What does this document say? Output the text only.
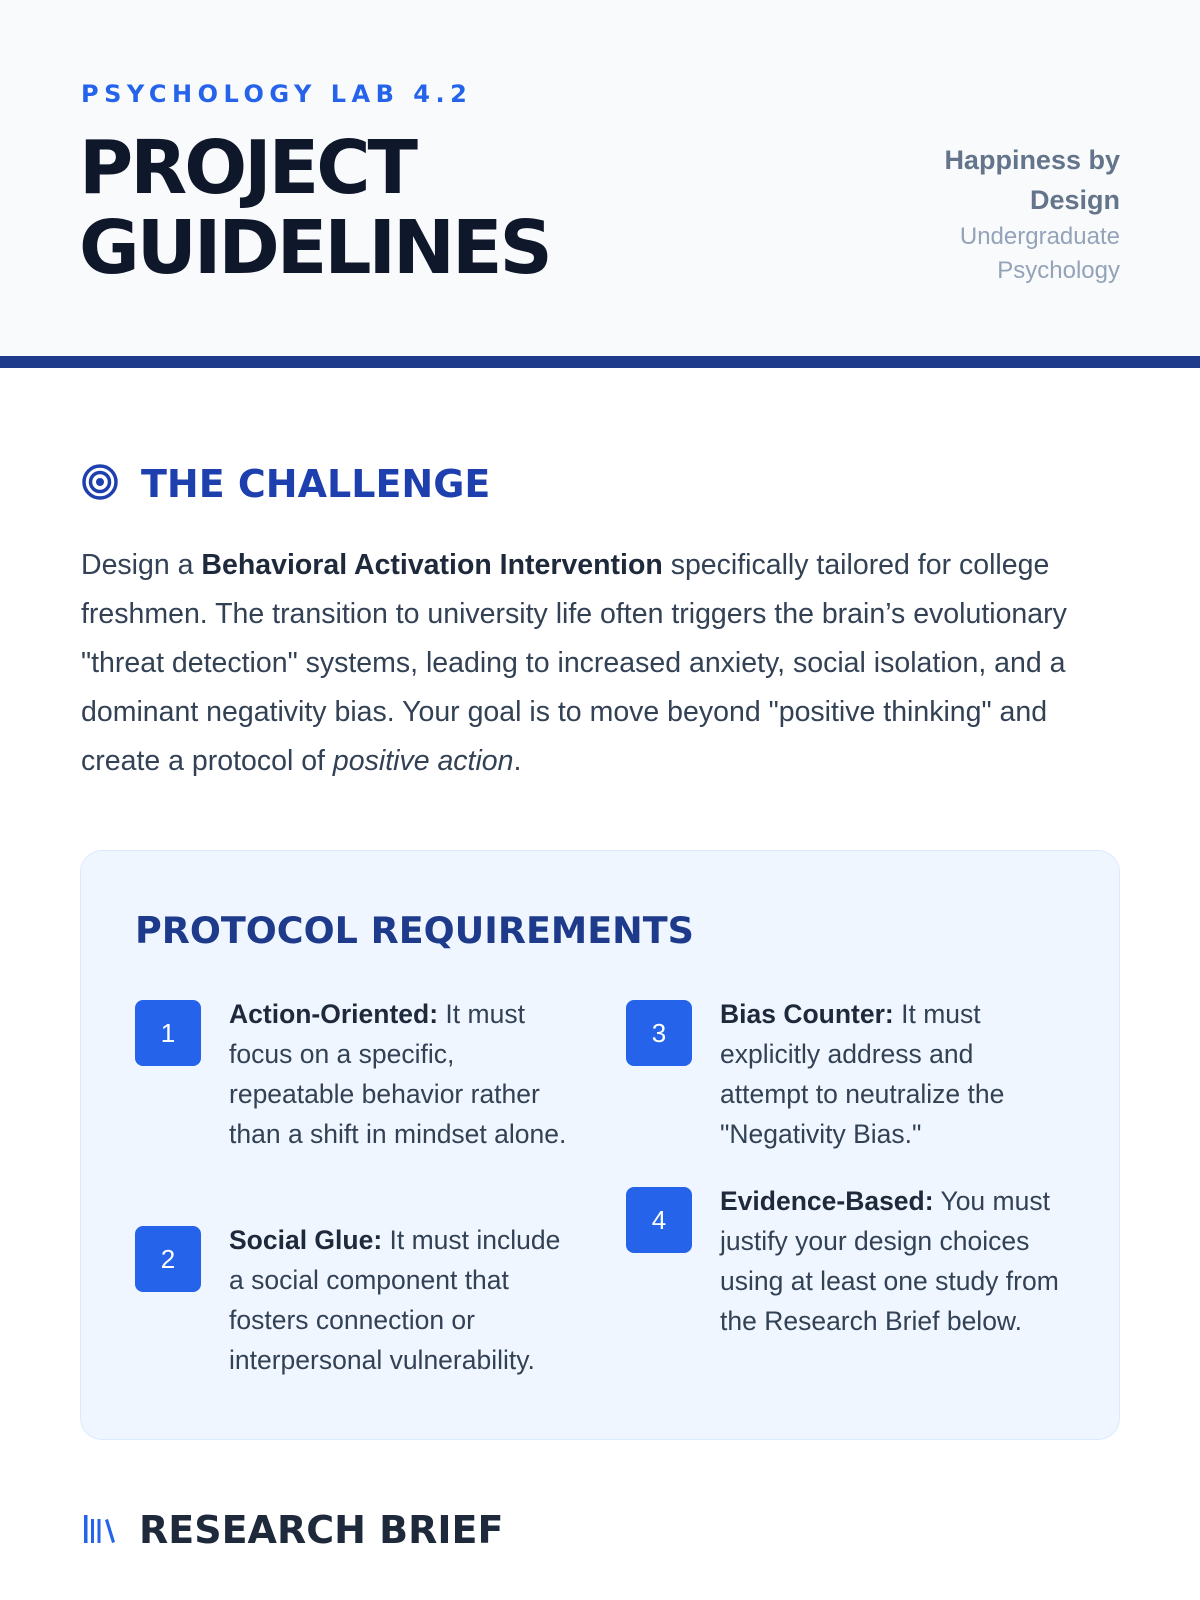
PSYCHOLOGY LAB 4.2

PROJECT
GUIDELINES
Happiness by
Design
Undergraduate
Psychology
THE CHALLENGE

Design a Behavioral Activation Intervention specifically tailored for college freshmen. The transition to university life often triggers the brain’s evolutionary "threat detection" systems, leading to increased anxiety, social isolation, and a dominant negativity bias. Your goal is to move beyond "positive thinking" and create a protocol of positive action.

PROTOCOL REQUIREMENTS
1
Action-Oriented: It must focus on a specific, repeatable behavior rather than a shift in mindset alone.
2
Social Glue: It must include a social component that fosters connection or interpersonal vulnerability.
3
Bias Counter: It must explicitly address and attempt to neutralize the "Negativity Bias."
4
Evidence-Based: You must justify your design choices using at least one study from the Research Brief below.
RESEARCH BRIEF
